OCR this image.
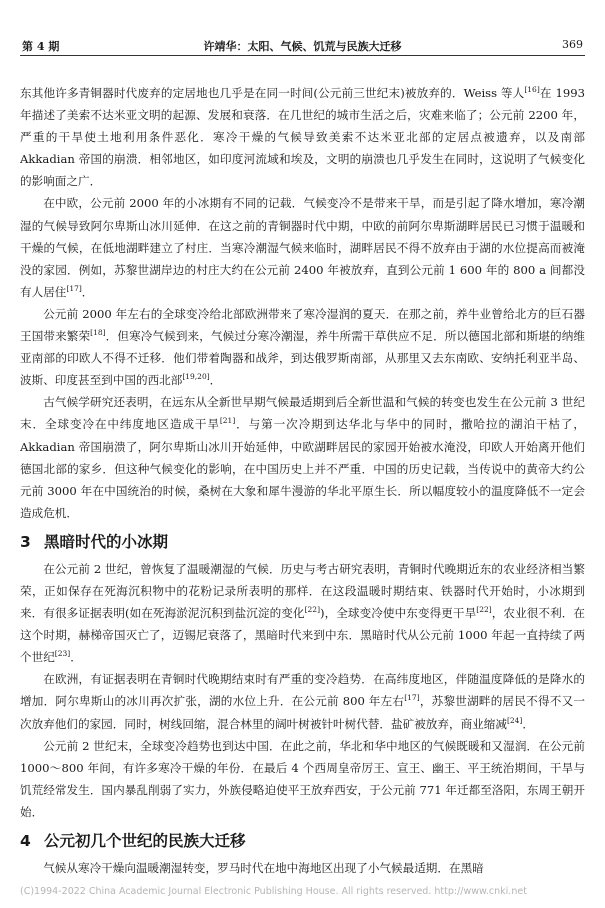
第 4 期	许靖华：太阳、气候、饥荒与民族大迁移	369

东其他许多青铜器时代废弃的定居地也几乎是在同一时间(公元前三世纪末)被放弃的．Weiss 等人[16]在 1993 年描述了美索不达米亚文明的起源、发展和衰落．在几世纪的城市生活之后，灾难来临了；公元前 2200 年，严重的干旱使土地利用条件恶化．寒冷干燥的气候导致美索不达米亚北部的定居点被遗弃，以及南部 Akkadian 帝国的崩溃．相邻地区，如印度河流域和埃及，文明的崩溃也几乎发生在同时，这说明了气候变化的影响面之广．

在中欧，公元前 2000 年的小冰期有不同的记载．气候变冷不是带来干旱，而是引起了降水增加，寒冷潮湿的气候导致阿尔卑斯山冰川延伸．在这之前的青铜器时代中期，中欧的前阿尔卑斯湖畔居民已习惯于温暖和干燥的气候，在低地湖畔建立了村庄．当寒冷潮湿气候来临时，湖畔居民不得不放弃由于湖的水位提高而被淹没的家园．例如，苏黎世湖岸边的村庄大约在公元前 2400 年被放弃，直到公元前 1 600 年的 800 a 间都没有人居住[17]．

公元前 2000 年左右的全球变冷给北部欧洲带来了寒冷湿润的夏天．在那之前，养牛业曾给北方的巨石器王国带来繁荣[18]．但寒冷气候到来，气候过分寒冷潮湿，养牛所需干草供应不足．所以德国北部和斯堪的纳维亚南部的印欧人不得不迁移．他们带着陶器和战斧，到达俄罗斯南部，从那里又去东南欧、安纳托利亚半岛、波斯、印度甚至到中国的西北部[19,20]．

古气候学研究还表明，在远东从全新世早期气候最适期到后全新世温和气候的转变也发生在公元前 3 世纪末．全球变冷在中纬度地区造成干旱[21]．与第一次冷期到达华北与华中的同时，撒哈拉的湖泊干枯了，Akkadian 帝国崩溃了，阿尔卑斯山冰川开始延伸，中欧湖畔居民的家园开始被水淹没，印欧人开始离开他们德国北部的家乡．但这种气候变化的影响，在中国历史上并不严重．中国的历史记载，当传说中的黄帝大约公元前 3000 年在中国统治的时候，桑树在大象和犀牛漫游的华北平原生长．所以幅度较小的温度降低不一定会造成危机．

3 黑暗时代的小冰期

在公元前 2 世纪，曾恢复了温暖潮湿的气候．历史与考古研究表明，青铜时代晚期近东的农业经济相当繁荣，正如保存在死海沉积物中的花粉记录所表明的那样．在这段温暖时期结束、铁器时代开始时，小冰期到来．有很多证据表明(如在死海淤泥沉积到盐沉淀的变化[22])，全球变冷使中东变得更干旱[22]，农业很不利．在这个时期，赫梯帝国灭亡了，迈锡尼衰落了，黑暗时代来到中东．黑暗时代从公元前 1000 年起一直持续了两个世纪[23]．

在欧洲，有证据表明在青铜时代晚期结束时有严重的变冷趋势．在高纬度地区，伴随温度降低的是降水的增加．阿尔卑斯山的冰川再次扩张，湖的水位上升．在公元前 800 年左右[17]，苏黎世湖畔的居民不得不又一次放弃他们的家园．同时，树线回缩，混合林里的阔叶树被针叶树代替．盐矿被放弃，商业缩减[24]．

公元前 2 世纪末，全球变冷趋势也到达中国．在此之前，华北和华中地区的气候既暖和又湿润．在公元前 1000～800 年间，有许多寒冷干燥的年份．在最后 4 个西周皇帝厉王、宣王、幽王、平王统治期间，干旱与饥荒经常发生．国内暴乱削弱了实力，外族侵略迫使平王放弃西安，于公元前 771 年迁都至洛阳，东周王朝开始．

4 公元初几个世纪的民族大迁移

气候从寒冷干燥向温暖潮湿转变，罗马时代在地中海地区出现了小气候最适期．在黑暗

(C)1994-2022 China Academic Journal Electronic Publishing House. All rights reserved. http://www.cnki.net
